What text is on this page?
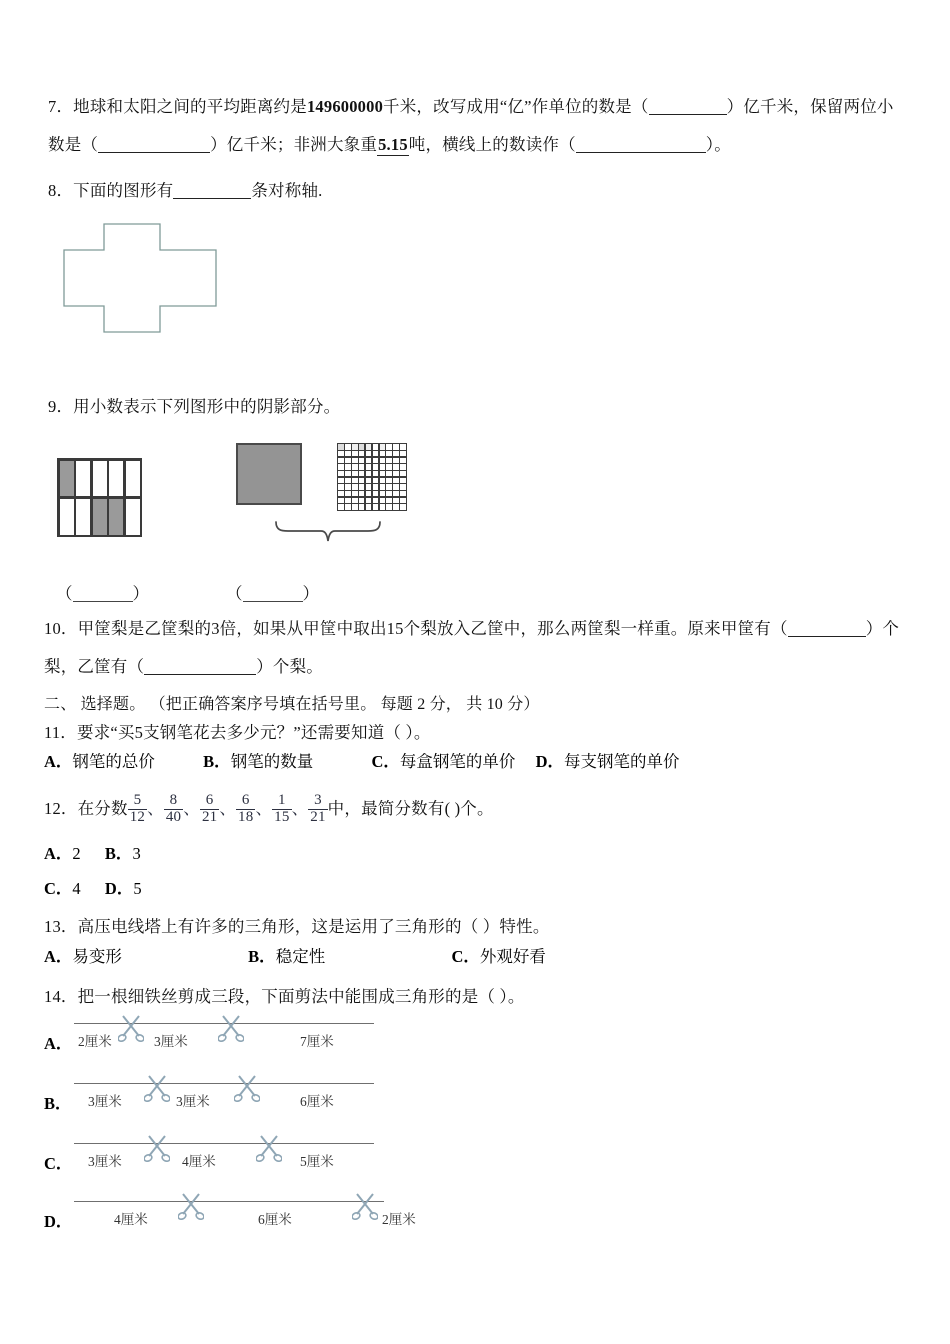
7．地球和太阳之间的平均距离约是149600000千米，改写成用“亿”作单位的数是（	）亿千米，保留两位小
数是（	）亿千米；非洲大象重5.15吨，横线上的数读作（	）。
8．下面的图形有	条对称轴.
9．用小数表示下列图形中的阴影部分。
（	）	（	）
10．甲筐梨是乙筐梨的3倍，如果从甲筐中取出15个梨放入乙筐中，那么两筐梨一样重。原来甲筐有（	）个
梨，乙筐有（	）个梨。
二、 选择题。 （把正确答案序号填在括号里。 每题 2 分， 共 10 分）
11．要求“买5支钢笔花去多少元？”还需要知道（ ）。
A．钢笔的总价	B．钢笔的数量	C．每盒钢笔的单价 D．每支钢笔的单价
12．在分数 $\frac{5}{12}$ 、 $\frac{8}{40}$ 、 $\frac{6}{21}$ 、 $\frac{6}{18}$ 、 $\frac{1}{15}$ 、 $\frac{3}{21}$ 中，最简分数有( )个。
A．2 B．3
C．4 D．5
13．高压电线塔上有许多的三角形，这是运用了三角形的（ ）特性。
A．易变形	B．稳定性	C．外观好看
14．把一根细铁丝剪成三段，下面剪法中能围成三角形的是（ ）。
A． 2厘米	3厘米	7厘米
B． 3厘米	3厘米	6厘米
C． 3厘米	4厘米	5厘米
D．	4厘米	6厘米	2厘米
